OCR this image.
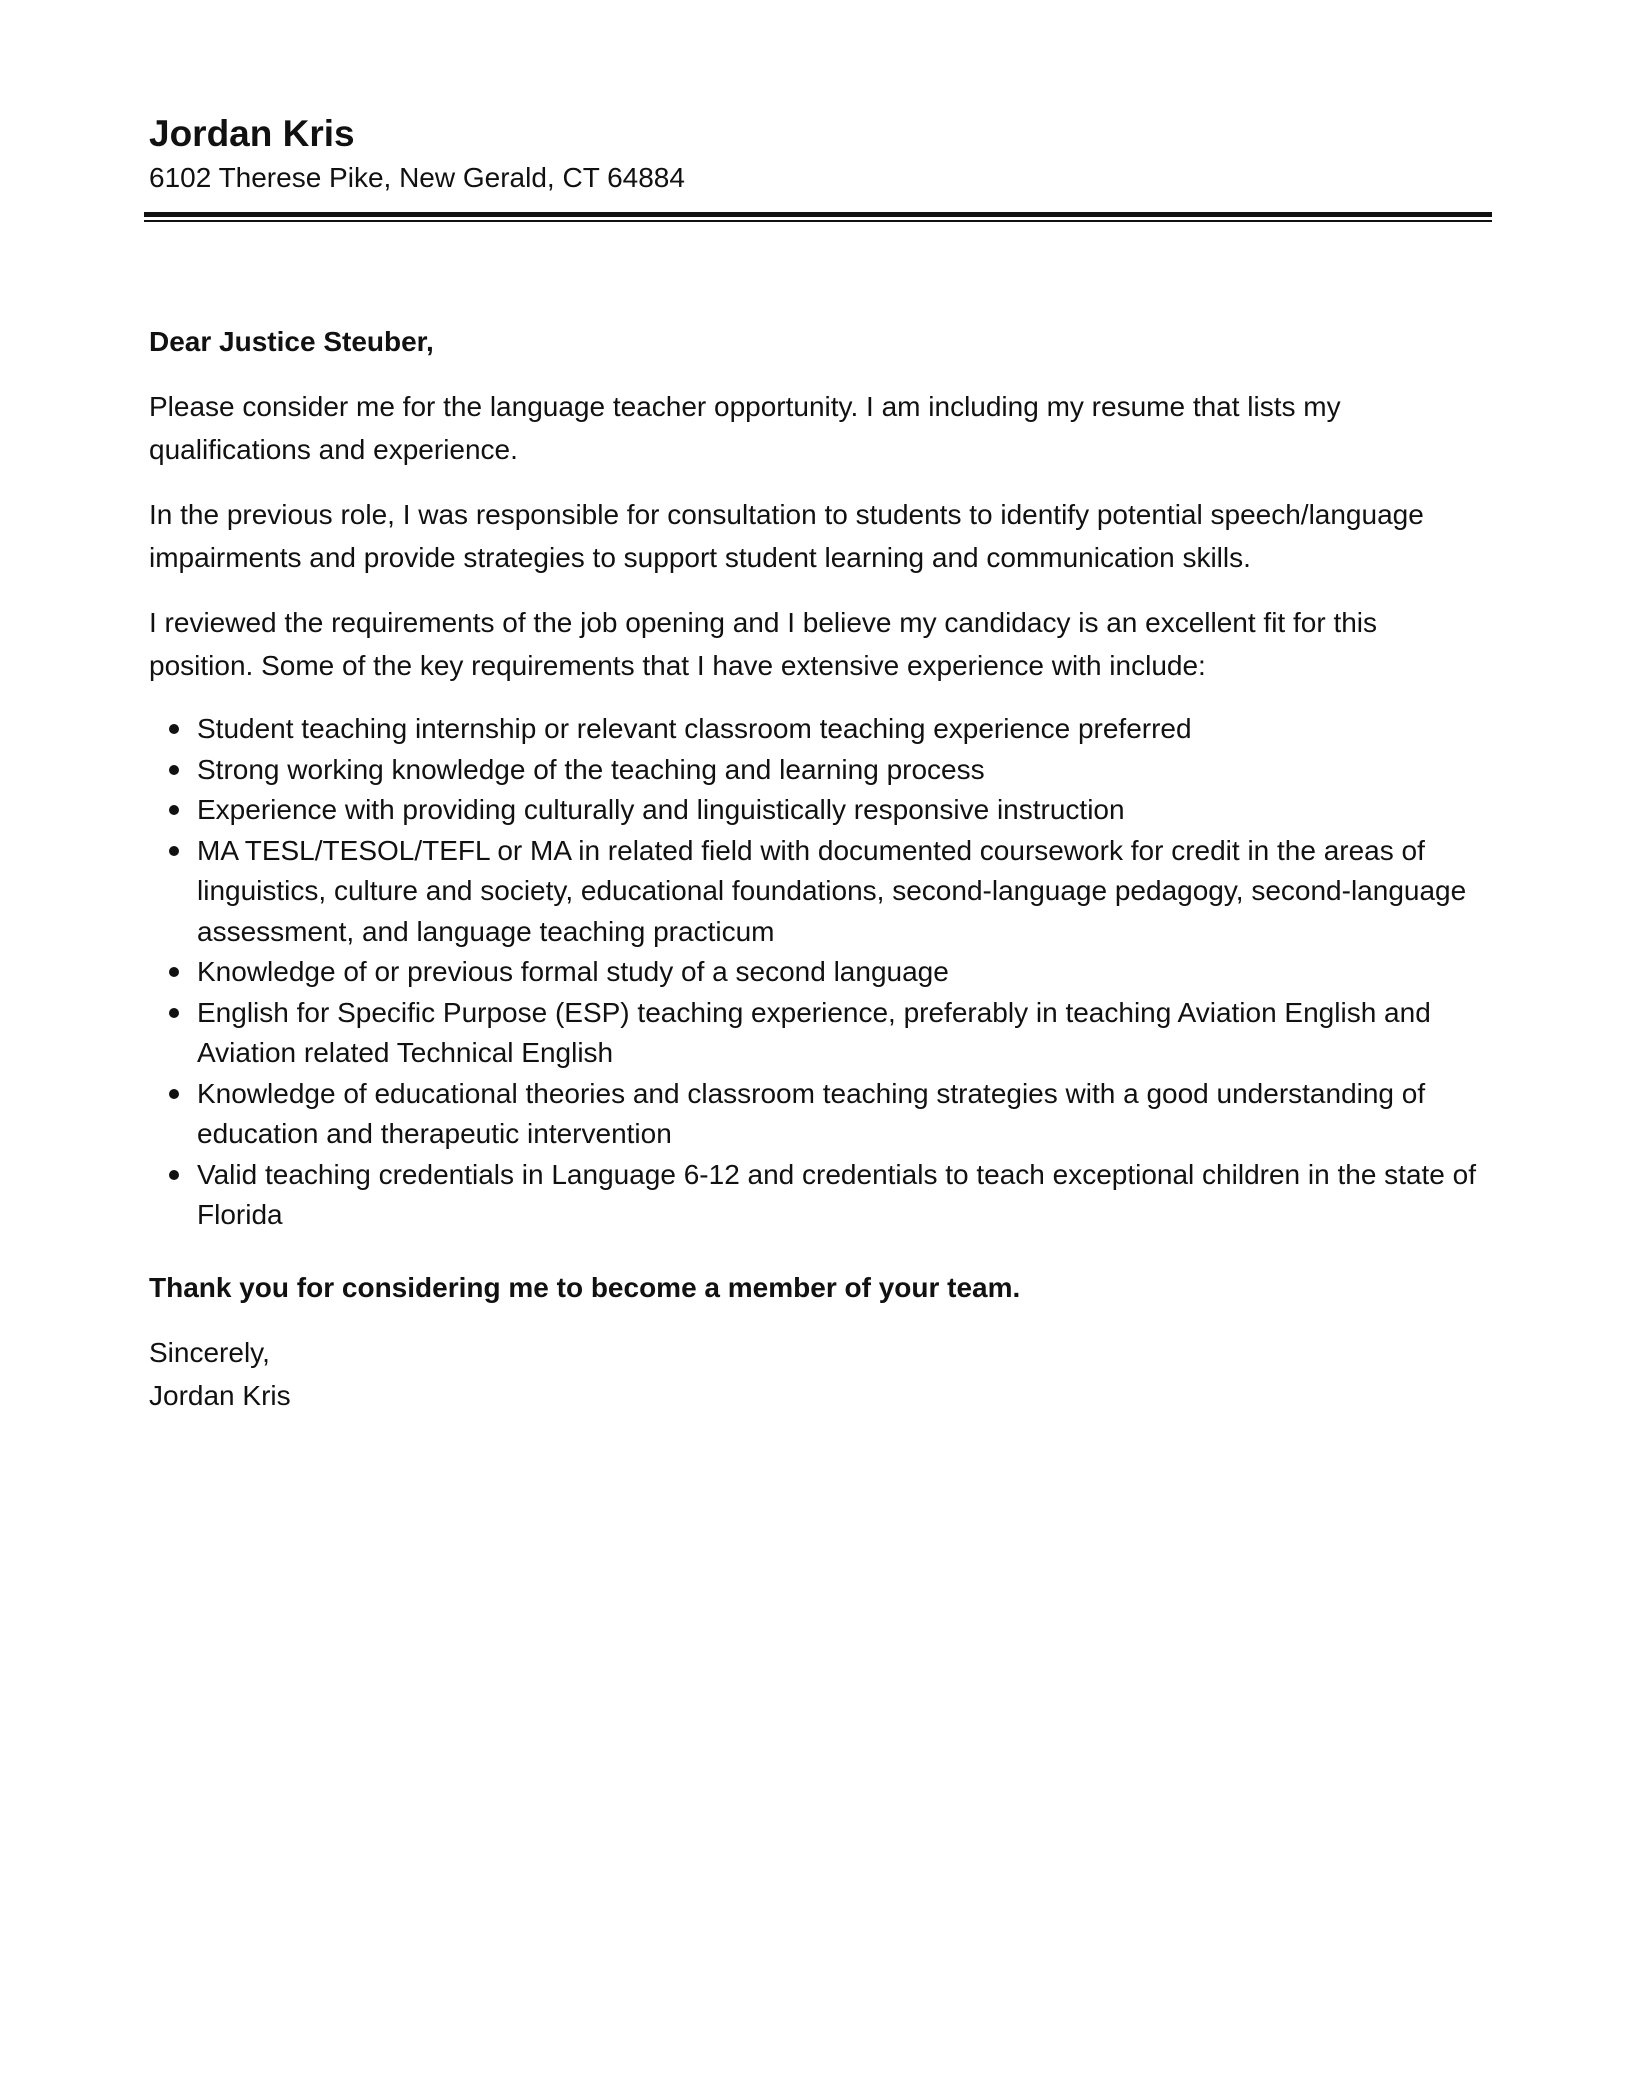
Jordan Kris

6102 Therese Pike, New Gerald, CT 64884

Dear Justice Steuber,

Please consider me for the language teacher opportunity. I am including my resume that lists my qualifications and experience.

In the previous role, I was responsible for consultation to students to identify potential speech/language impairments and provide strategies to support student learning and communication skills.

I reviewed the requirements of the job opening and I believe my candidacy is an excellent fit for this position. Some of the key requirements that I have extensive experience with include:

Student teaching internship or relevant classroom teaching experience preferred
Strong working knowledge of the teaching and learning process
Experience with providing culturally and linguistically responsive instruction
MA TESL/TESOL/TEFL or MA in related field with documented coursework for credit in the areas of linguistics, culture and society, educational foundations, second-language pedagogy, second-language assessment, and language teaching practicum
Knowledge of or previous formal study of a second language
English for Specific Purpose (ESP) teaching experience, preferably in teaching Aviation English and Aviation related Technical English
Knowledge of educational theories and classroom teaching strategies with a good understanding of education and therapeutic intervention
Valid teaching credentials in Language 6-12 and credentials to teach exceptional children in the state of Florida

Thank you for considering me to become a member of your team.

Sincerely,

Jordan Kris
